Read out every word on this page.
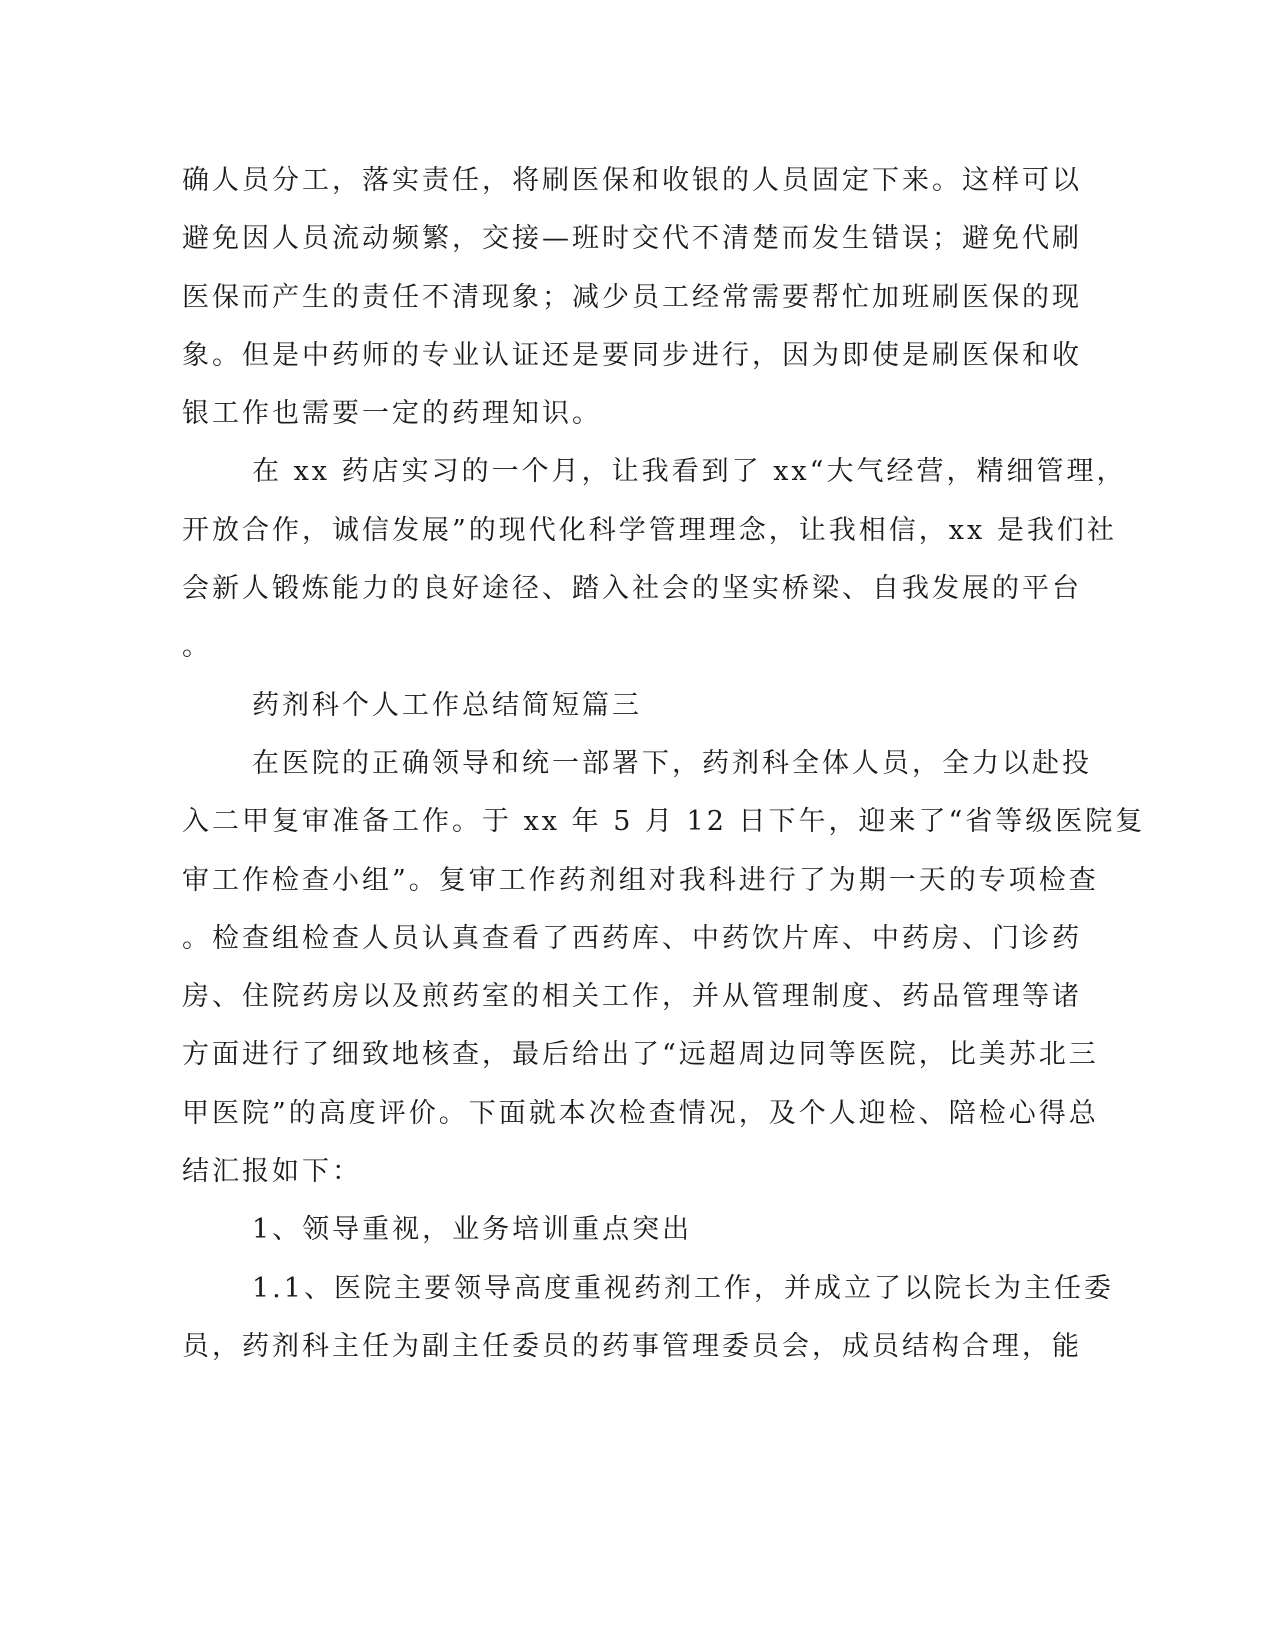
确人员分工，落实责任，将刷医保和收银的人员固定下来。这样可以
避免因人员流动频繁，交接—班时交代不清楚而发生错误；避免代刷
医保而产生的责任不清现象；减少员工经常需要帮忙加班刷医保的现
象。但是中药师的专业认证还是要同步进行，因为即使是刷医保和收
银工作也需要一定的药理知识。
在 xx 药店实习的一个月，让我看到了 xx“大气经营，精细管理，
开放合作，诚信发展”的现代化科学管理理念，让我相信，xx 是我们社
会新人锻炼能力的良好途径、踏入社会的坚实桥梁、自我发展的平台
。
药剂科个人工作总结简短篇三
在医院的正确领导和统一部署下，药剂科全体人员，全力以赴投
入二甲复审准备工作。于 xx 年 5 月 12 日下午，迎来了“省等级医院复
审工作检查小组”。复审工作药剂组对我科进行了为期一天的专项检查
。检查组检查人员认真查看了西药库、中药饮片库、中药房、门诊药
房、住院药房以及煎药室的相关工作，并从管理制度、药品管理等诸
方面进行了细致地核查，最后给出了“远超周边同等医院，比美苏北三
甲医院”的高度评价。下面就本次检查情况，及个人迎检、陪检心得总
结汇报如下：
1、领导重视，业务培训重点突出
1.1、医院主要领导高度重视药剂工作，并成立了以院长为主任委
员，药剂科主任为副主任委员的药事管理委员会，成员结构合理，能
